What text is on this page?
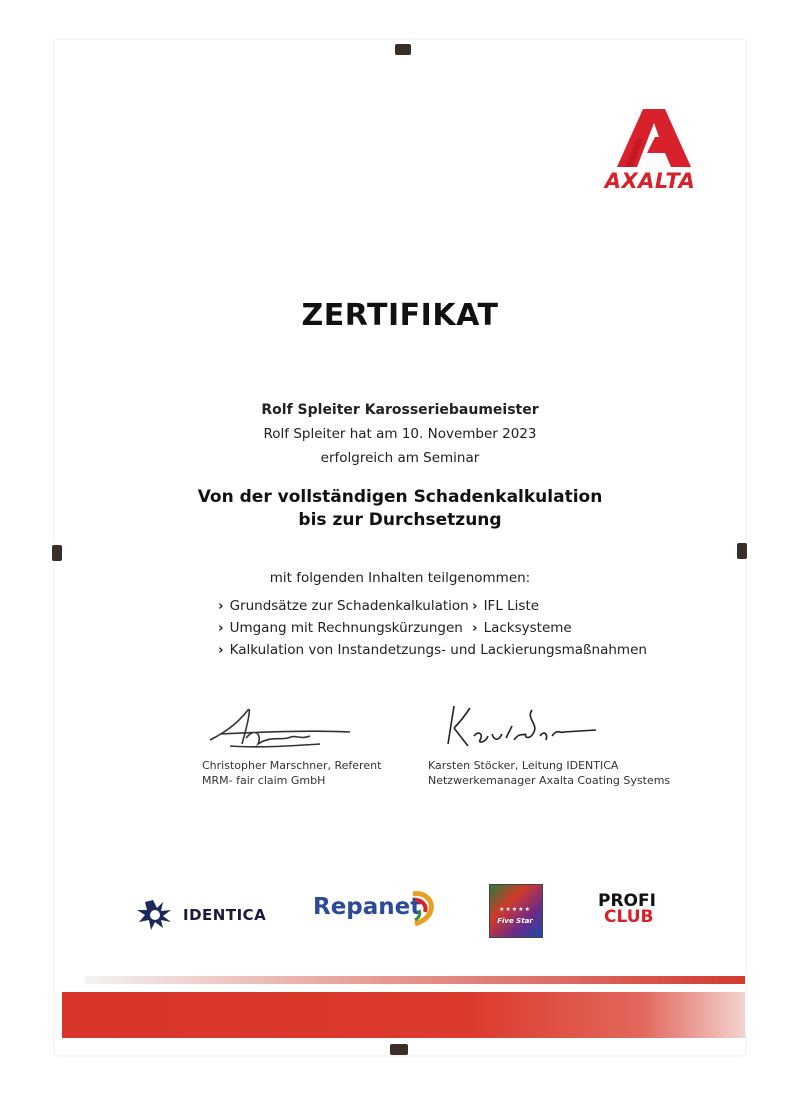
AXALTA
ZERTIFIKAT
Rolf Spleiter Karosseriebaumeister
Rolf Spleiter hat am 10. November 2023
erfolgreich am Seminar
Von der vollständigen Schadenkalkulation
bis zur Durchsetzung
mit folgenden Inhalten teilgenommen:
› Grundsätze zur Schadenkalkulation › IFL Liste
› Umgang mit Rechnungskürzungen › Lacksysteme
› Kalkulation von Instandetzungs- und Lackierungsmaßnahmen
Christopher Marschner, Referent
MRM- fair claim GmbH
Karsten Stöcker, Leitung IDENTICA
Netzwerkemanager Axalta Coating Systems
IDENTICA Repanet	★★★★★
Five Star
PROFI
CLUB
